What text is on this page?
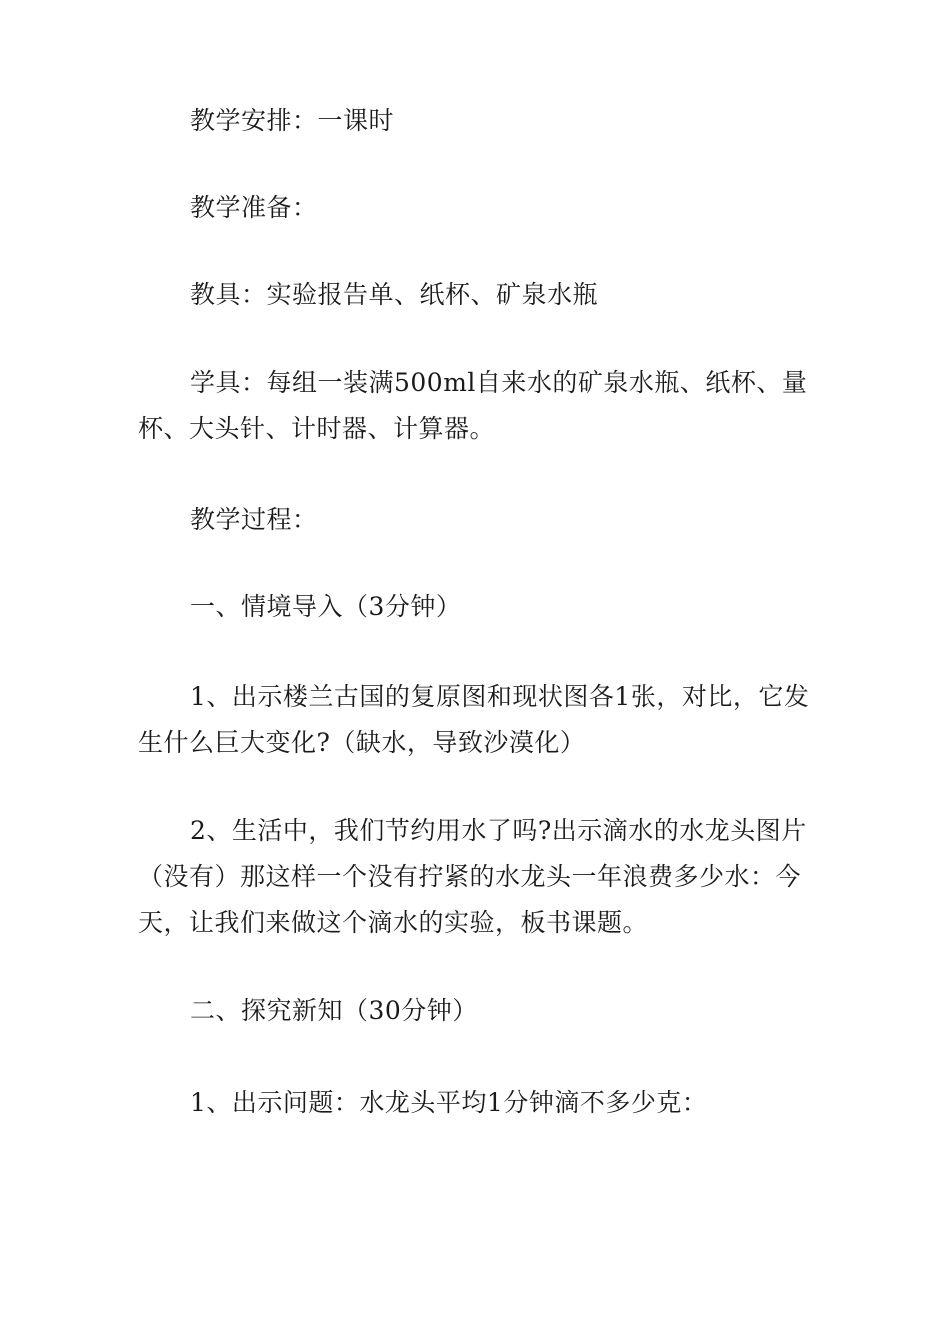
教学安排：一课时

教学准备：

教具：实验报告单、纸杯、矿泉水瓶

学具：每组一装满500ml自来水的矿泉水瓶、纸杯、量杯、大头针、计时器、计算器。

教学过程：

一、情境导入（3分钟）

1、出示楼兰古国的复原图和现状图各1张，对比，它发生什么巨大变化?（缺水，导致沙漠化）

2、生活中，我们节约用水了吗?出示滴水的水龙头图片（没有）那这样一个没有拧紧的水龙头一年浪费多少水：今天，让我们来做这个滴水的实验，板书课题。

二、探究新知（30分钟）

1、出示问题：水龙头平均1分钟滴不多少克：
